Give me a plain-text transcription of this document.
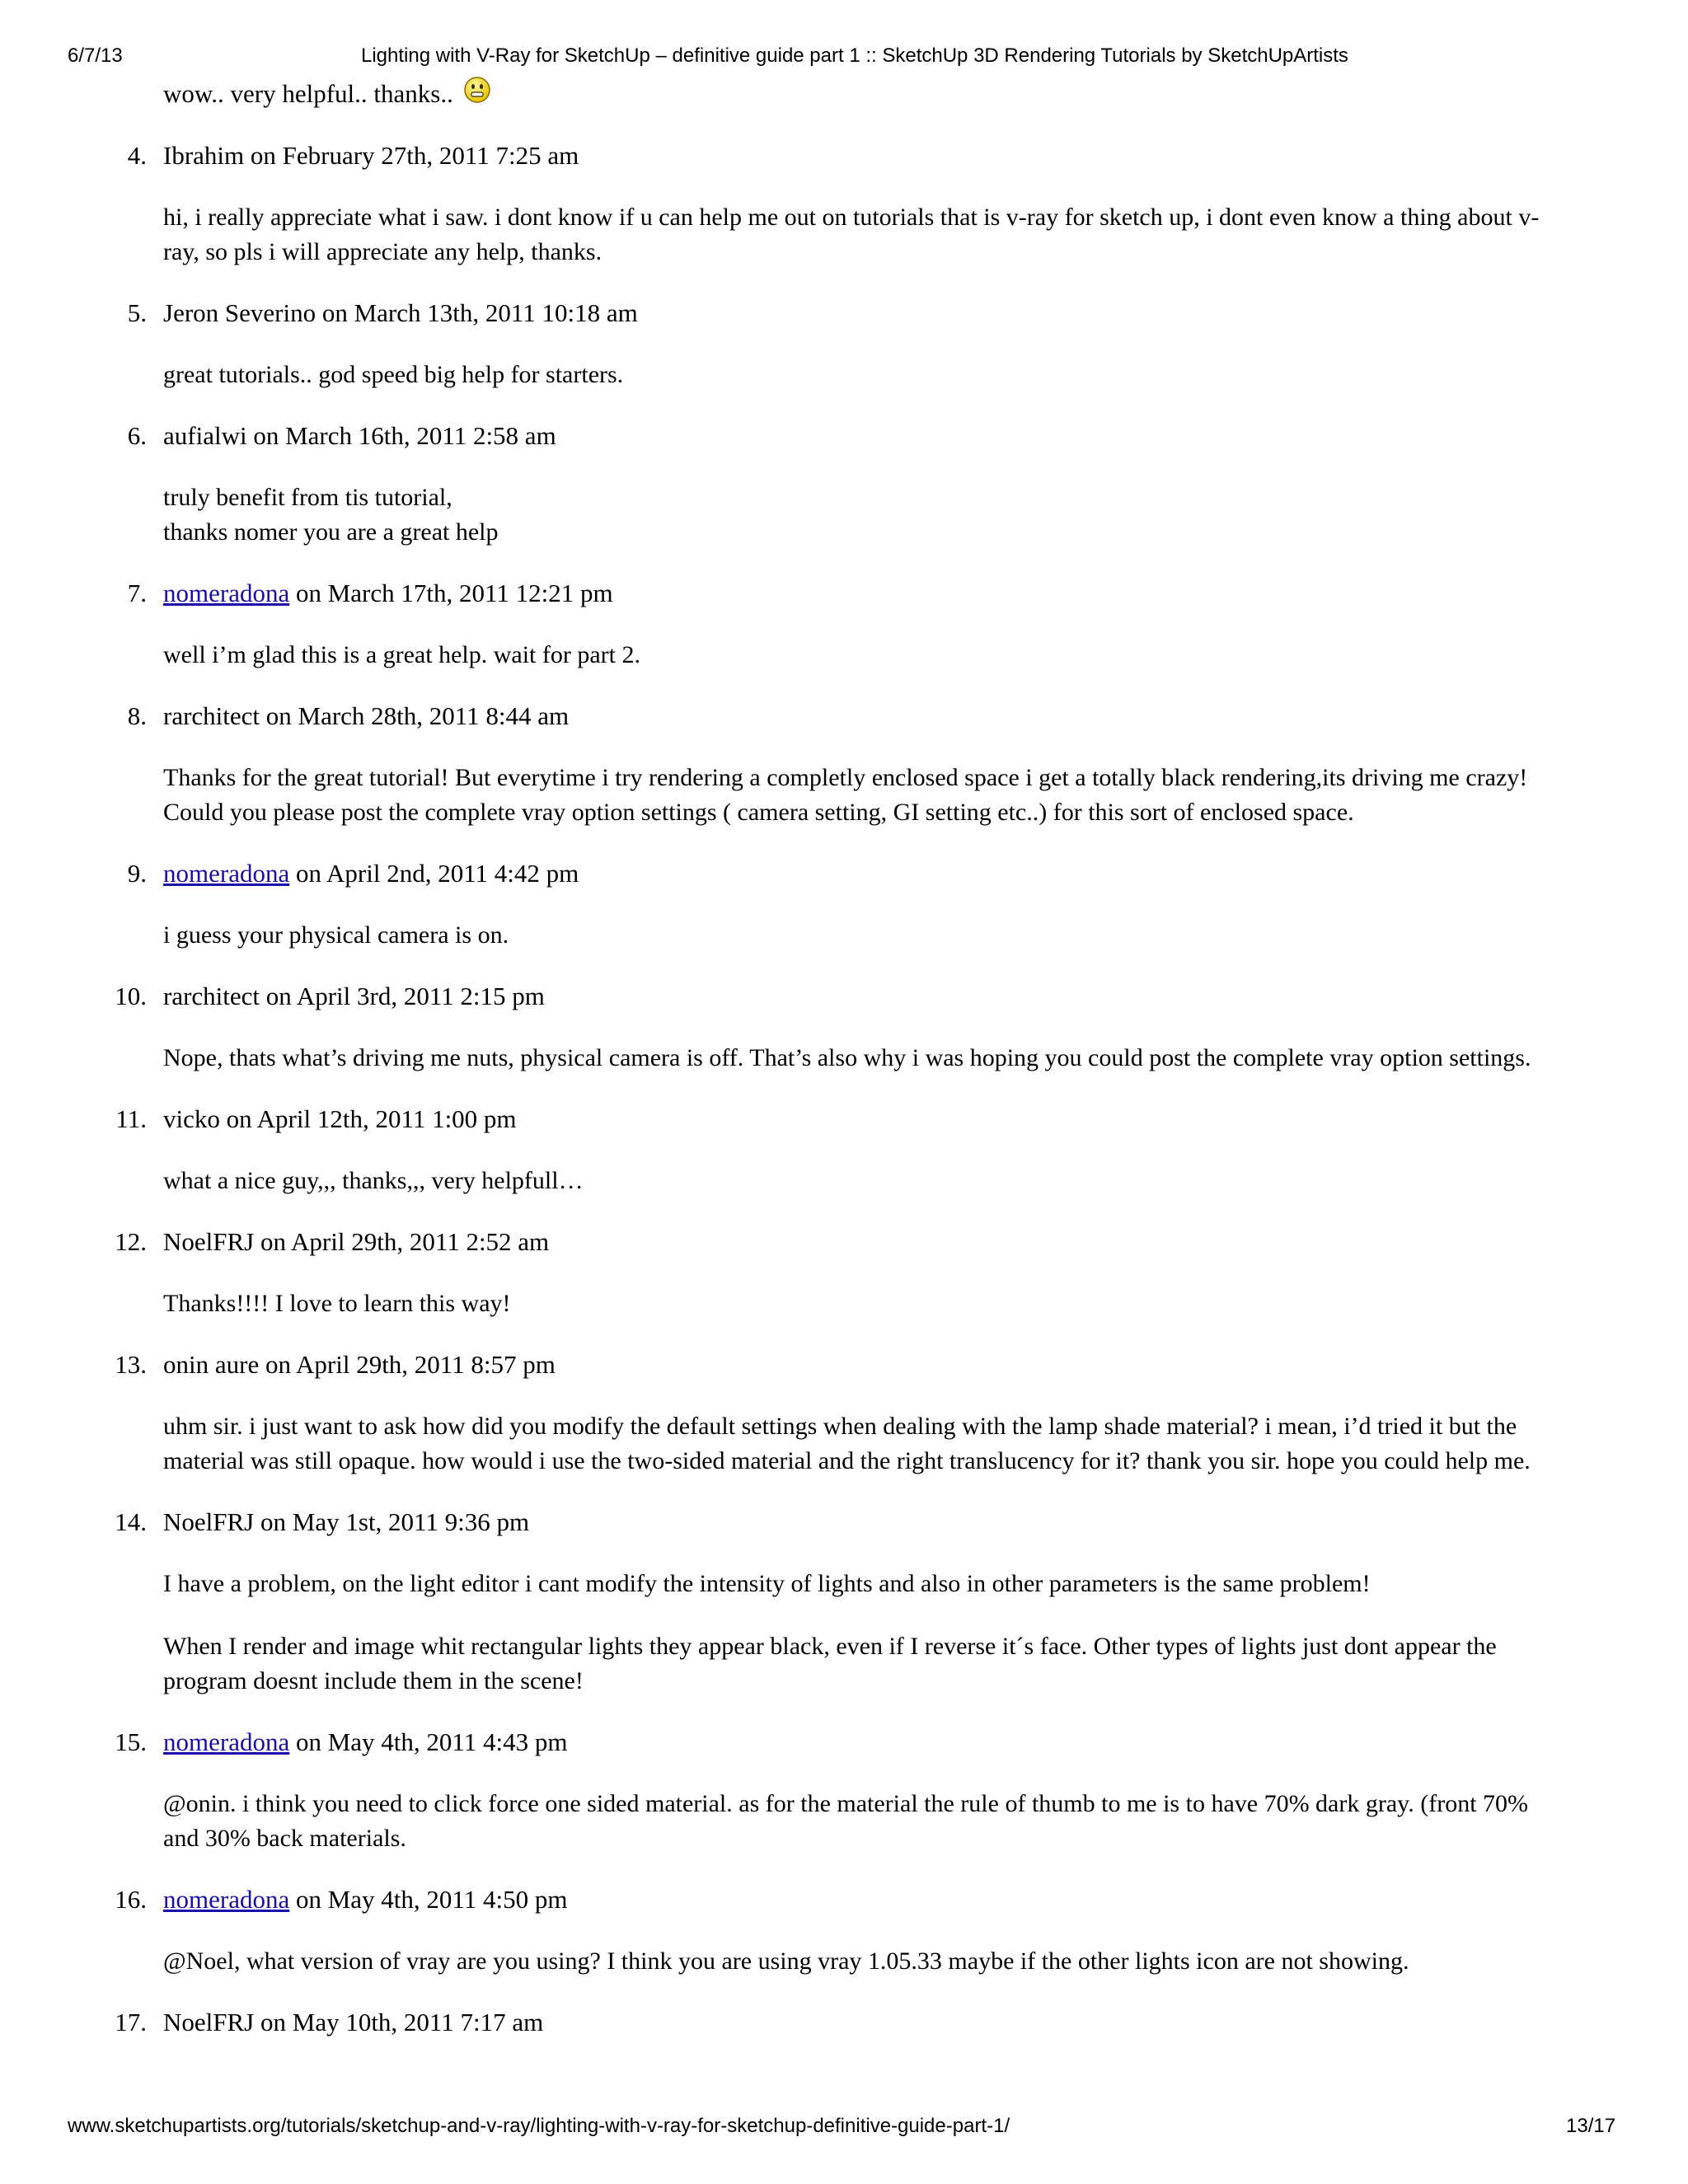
6/7/13	Lighting with V-Ray for SketchUp – definitive guide part 1 :: SketchUp 3D Rendering Tutorials by SketchUpArtists
wow.. very helpful.. thanks..
4. Ibrahim on February 27th, 2011 7:25 am

hi, i really appreciate what i saw. i dont know if u can help me out on tutorials that is v-ray for sketch up, i dont even know a thing about v-
ray, so pls i will appreciate any help, thanks.

5. Jeron Severino on March 13th, 2011 10:18 am

great tutorials.. god speed big help for starters.

6. aufialwi on March 16th, 2011 2:58 am

truly benefit from tis tutorial,
thanks nomer you are a great help

7. nomeradona on March 17th, 2011 12:21 pm

well i’m glad this is a great help. wait for part 2.

8. rarchitect on March 28th, 2011 8:44 am

Thanks for the great tutorial! But everytime i try rendering a completly enclosed space i get a totally black rendering,its driving me crazy!
Could you please post the complete vray option settings ( camera setting, GI setting etc..) for this sort of enclosed space.

9. nomeradona on April 2nd, 2011 4:42 pm

i guess your physical camera is on.

10. rarchitect on April 3rd, 2011 2:15 pm

Nope, thats what’s driving me nuts, physical camera is off. That’s also why i was hoping you could post the complete vray option settings.

11. vicko on April 12th, 2011 1:00 pm

what a nice guy,,, thanks,,, very helpfull…

12. NoelFRJ on April 29th, 2011 2:52 am

Thanks!!!! I love to learn this way!

13. onin aure on April 29th, 2011 8:57 pm

uhm sir. i just want to ask how did you modify the default settings when dealing with the lamp shade material? i mean, i’d tried it but the
material was still opaque. how would i use the two-sided material and the right translucency for it? thank you sir. hope you could help me.

14. NoelFRJ on May 1st, 2011 9:36 pm

I have a problem, on the light editor i cant modify the intensity of lights and also in other parameters is the same problem!

When I render and image whit rectangular lights they appear black, even if I reverse it´s face. Other types of lights just dont appear the
program doesnt include them in the scene!

15. nomeradona on May 4th, 2011 4:43 pm

@onin. i think you need to click force one sided material. as for the material the rule of thumb to me is to have 70% dark gray. (front 70%
and 30% back materials.

16. nomeradona on May 4th, 2011 4:50 pm

@Noel, what version of vray are you using? I think you are using vray 1.05.33 maybe if the other lights icon are not showing.

17. NoelFRJ on May 10th, 2011 7:17 am
www.sketchupartists.org/tutorials/sketchup-and-v-ray/lighting-with-v-ray-for-sketchup-definitive-guide-part-1/	13/17
